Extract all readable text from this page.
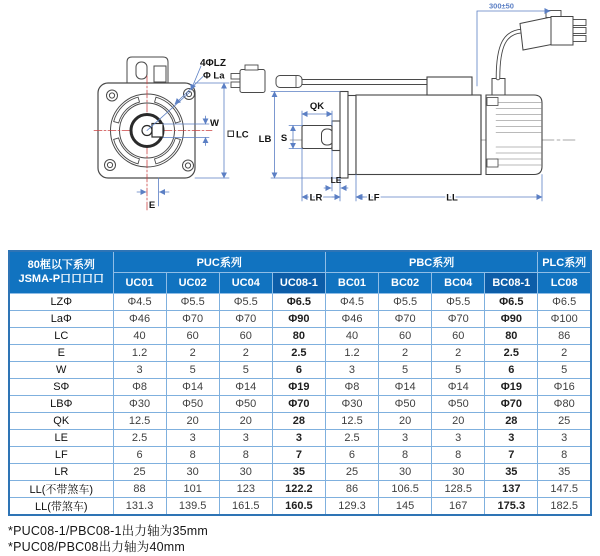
4ΦLZ
Φ La
W
LC
E
300±50
QK
S
LB
LE
LR	LF	LL
80框以下系列
JSMA-P口口口口	PUC系列				PBC系列				PLC系列
	UC01	UC02	UC04	UC08-1	BC01	BC02	BC04	BC08-1	LC08
LZΦ	Φ4.5	Φ5.5	Φ5.5	Φ6.5	Φ4.5	Φ5.5	Φ5.5	Φ6.5	Φ6.5
LaΦ	Φ46	Φ70	Φ70	Φ90	Φ46	Φ70	Φ70	Φ90	Φ100
LC	40	60	60	80	40	60	60	80	86
E	1.2	2	2	2.5	1.2	2	2	2.5	2
W	3	5	5	6	3	5	5	6	5
SΦ	Φ8	Φ14	Φ14	Φ19	Φ8	Φ14	Φ14	Φ19	Φ16
LBΦ	Φ30	Φ50	Φ50	Φ70	Φ30	Φ50	Φ50	Φ70	Φ80
QK	12.5	20	20	28	12.5	20	20	28	25
LE	2.5	3	3	3	2.5	3	3	3	3
LF	6	8	8	7	6	8	8	7	8
LR	25	30	30	35	25	30	30	35	35
LL(不带煞车)	88	101	123	122.2	86	106.5	128.5	137	147.5
LL(带煞车)	131.3	139.5	161.5	160.5	129.3	145	167	175.3	182.5
*PUC08-1/PBC08-1出力轴为35mm
*PUC08/PBC08出力轴为40mm
